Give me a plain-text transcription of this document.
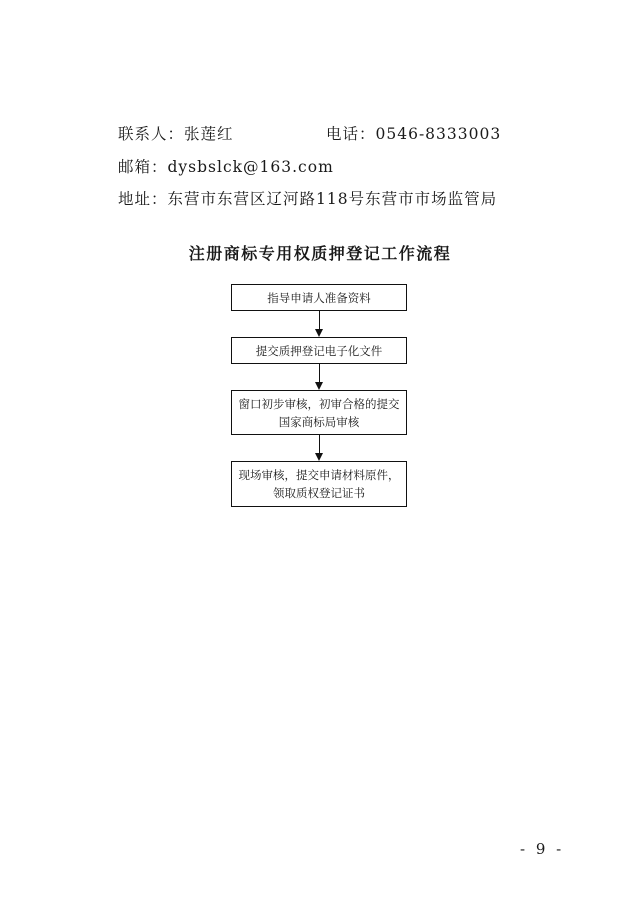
联系人：张莲红	电话：0546-8333003
邮箱：dysbslck@163.com
地址：东营市东营区辽河路118号东营市市场监管局
注册商标专用权质押登记工作流程
指导申请人准备资料
提交质押登记电子化文件
窗口初步审核，初审合格的提交
国家商标局审核
现场审核，提交申请材料原件，
领取质权登记证书
- 9 -
